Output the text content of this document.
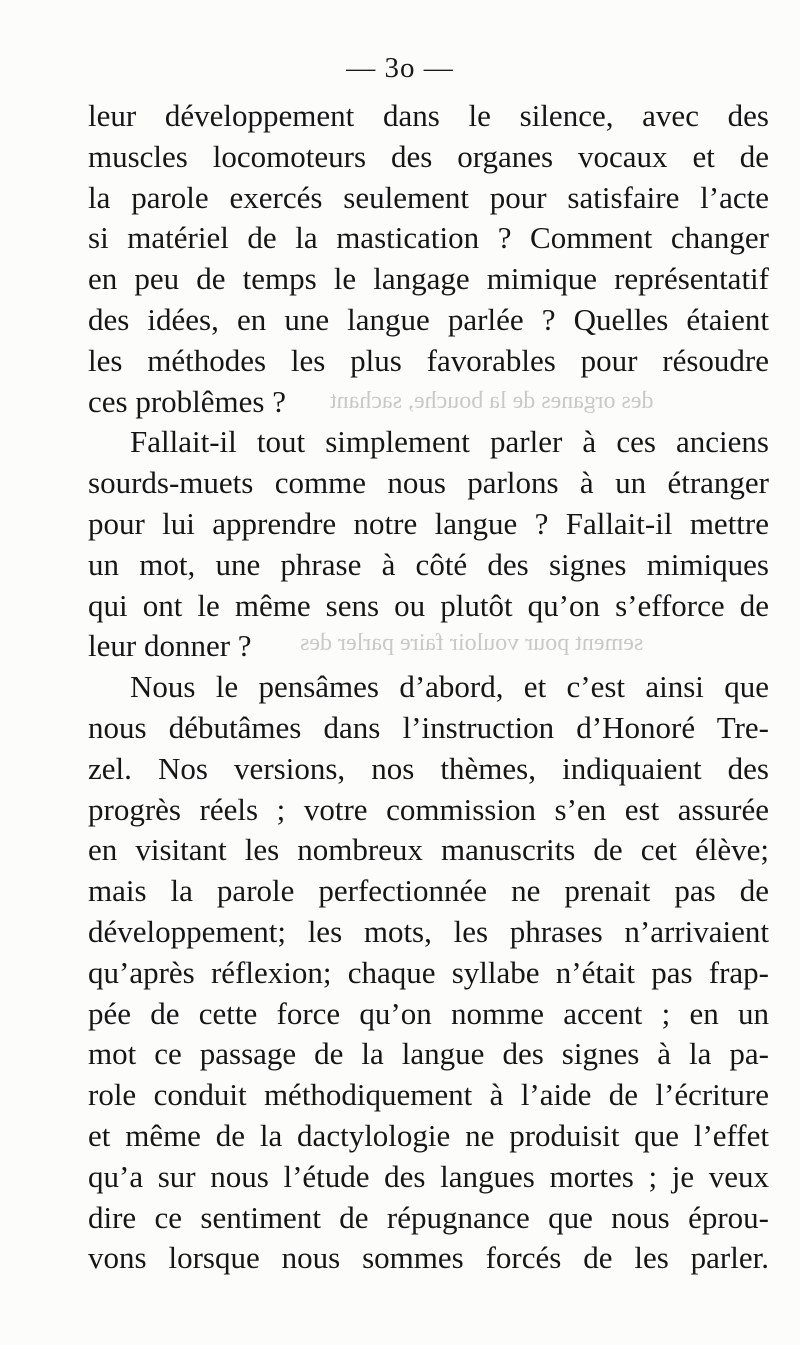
des organes de la bouche, sachant
sement pour vouloir faire parler des
— 3o —
leur développement dans le silence, avec des
muscles locomoteurs des organes vocaux et de
la parole exercés seulement pour satisfaire l’acte
si matériel de la mastication ? Comment changer
en peu de temps le langage mimique représentatif
des idées, en une langue parlée ? Quelles étaient
les méthodes les plus favorables pour résoudre
ces problêmes ?
Fallait-il tout simplement parler à ces anciens
sourds-muets comme nous parlons à un étranger
pour lui apprendre notre langue ? Fallait-il mettre
un mot, une phrase à côté des signes mimiques
qui ont le même sens ou plutôt qu’on s’efforce de
leur donner ?
Nous le pensâmes d’abord, et c’est ainsi que
nous débutâmes dans l’instruction d’Honoré Tre-
zel. Nos versions, nos thèmes, indiquaient des
progrès réels ; votre commission s’en est assurée
en visitant les nombreux manuscrits de cet élève;
mais la parole perfectionnée ne prenait pas de
développement; les mots, les phrases n’arrivaient
qu’après réflexion; chaque syllabe n’était pas frap-
pée de cette force qu’on nomme accent ; en un
mot ce passage de la langue des signes à la pa-
role conduit méthodiquement à l’aide de l’écriture
et même de la dactylologie ne produisit que l’effet
qu’a sur nous l’étude des langues mortes ; je veux
dire ce sentiment de répugnance que nous éprou-
vons lorsque nous sommes forcés de les parler.
